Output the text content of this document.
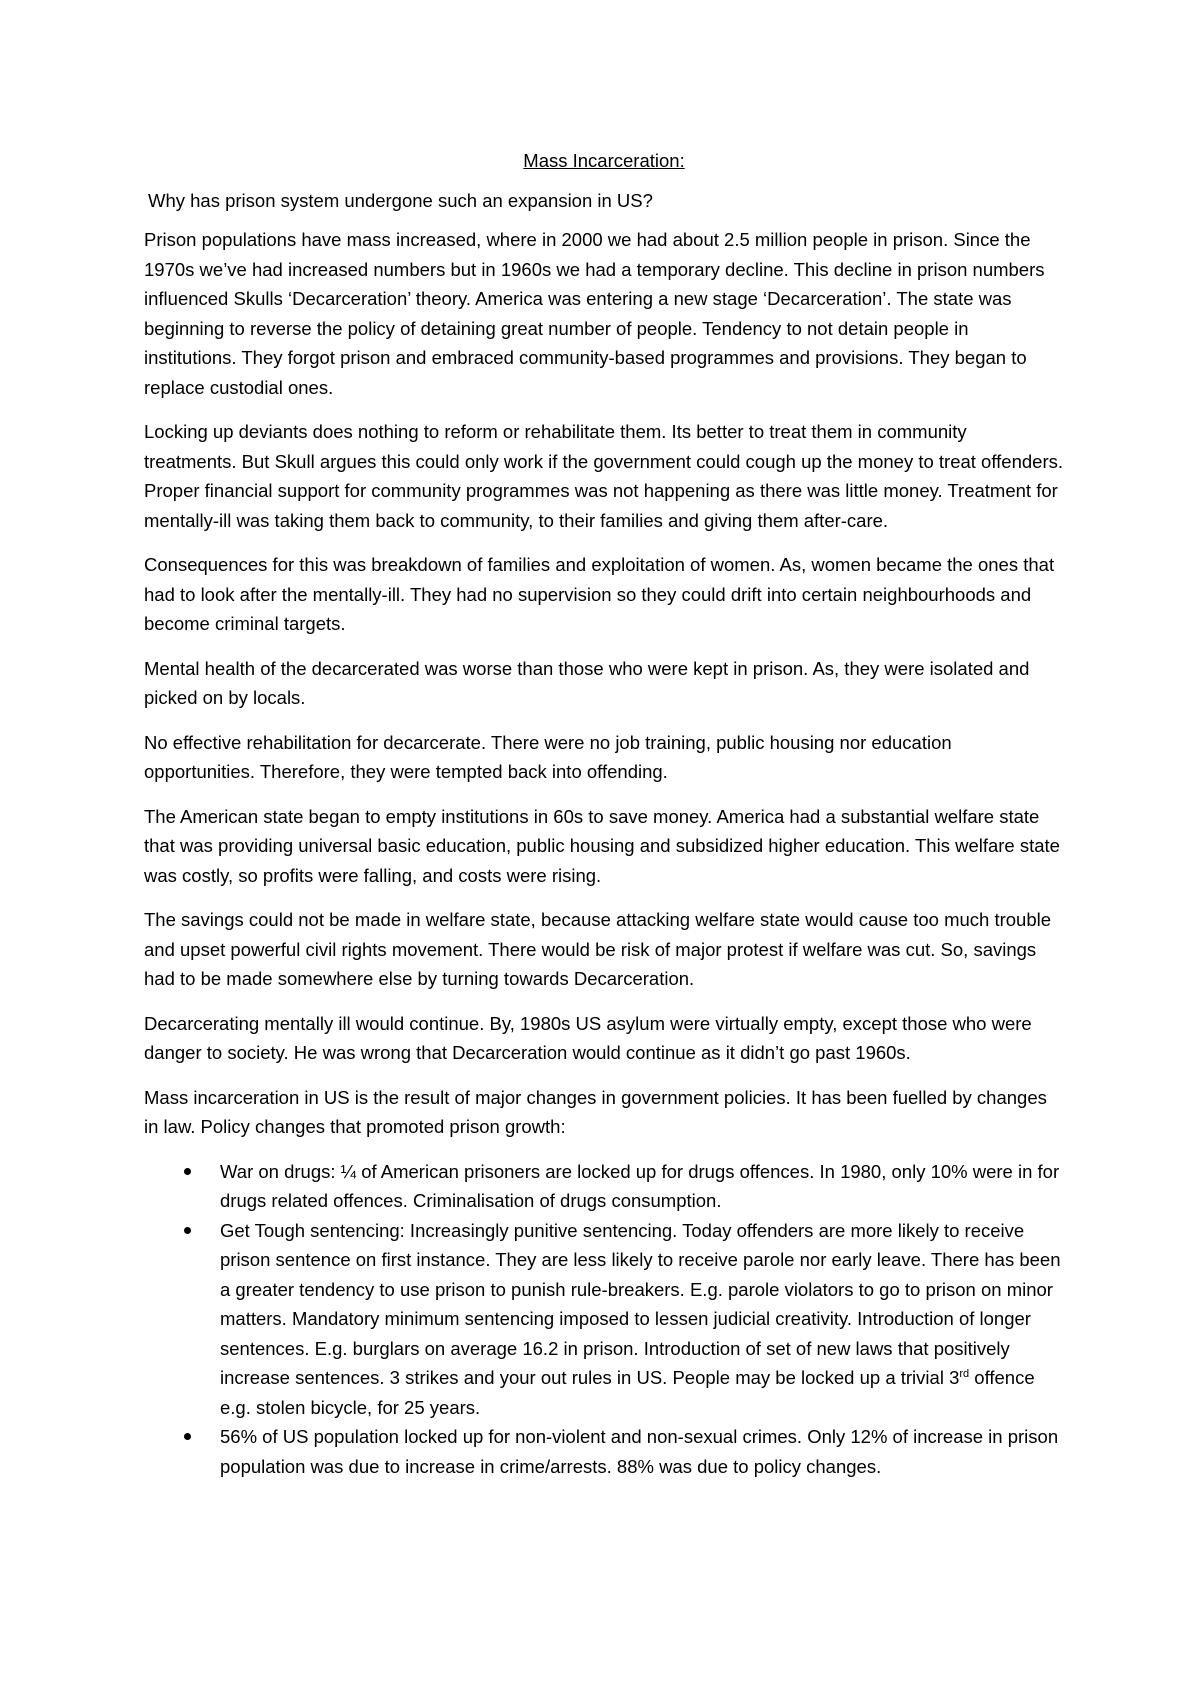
Mass Incarceration:

Why has prison system undergone such an expansion in US?

Prison populations have mass increased, where in 2000 we had about 2.5 million people in prison. Since the 1970s we’ve had increased numbers but in 1960s we had a temporary decline. This decline in prison numbers influenced Skulls ‘Decarceration’ theory. America was entering a new stage ‘Decarceration’. The state was beginning to reverse the policy of detaining great number of people. Tendency to not detain people in institutions. They forgot prison and embraced community-based programmes and provisions. They began to replace custodial ones.

Locking up deviants does nothing to reform or rehabilitate them. Its better to treat them in community treatments. But Skull argues this could only work if the government could cough up the money to treat offenders. Proper financial support for community programmes was not happening as there was little money. Treatment for mentally-ill was taking them back to community, to their families and giving them after-care.

Consequences for this was breakdown of families and exploitation of women. As, women became the ones that had to look after the mentally-ill. They had no supervision so they could drift into certain neighbourhoods and become criminal targets.

Mental health of the decarcerated was worse than those who were kept in prison. As, they were isolated and picked on by locals.

No effective rehabilitation for decarcerate. There were no job training, public housing nor education opportunities. Therefore, they were tempted back into offending.

The American state began to empty institutions in 60s to save money. America had a substantial welfare state that was providing universal basic education, public housing and subsidized higher education. This welfare state was costly, so profits were falling, and costs were rising.

The savings could not be made in welfare state, because attacking welfare state would cause too much trouble and upset powerful civil rights movement. There would be risk of major protest if welfare was cut. So, savings had to be made somewhere else by turning towards Decarceration.

Decarcerating mentally ill would continue. By, 1980s US asylum were virtually empty, except those who were danger to society. He was wrong that Decarceration would continue as it didn’t go past 1960s.

Mass incarceration in US is the result of major changes in government policies. It has been fuelled by changes in law. Policy changes that promoted prison growth:

War on drugs: ¼ of American prisoners are locked up for drugs offences. In 1980, only 10% were in for drugs related offences. Criminalisation of drugs consumption.
Get Tough sentencing: Increasingly punitive sentencing. Today offenders are more likely to receive prison sentence on first instance. They are less likely to receive parole nor early leave. There has been a greater tendency to use prison to punish rule-breakers. E.g. parole violators to go to prison on minor matters. Mandatory minimum sentencing imposed to lessen judicial creativity. Introduction of longer sentences. E.g. burglars on average 16.2 in prison. Introduction of set of new laws that positively increase sentences. 3 strikes and your out rules in US. People may be locked up a trivial 3rd offence e.g. stolen bicycle, for 25 years.
56% of US population locked up for non-violent and non-sexual crimes. Only 12% of increase in prison population was due to increase in crime/arrests. 88% was due to policy changes.
